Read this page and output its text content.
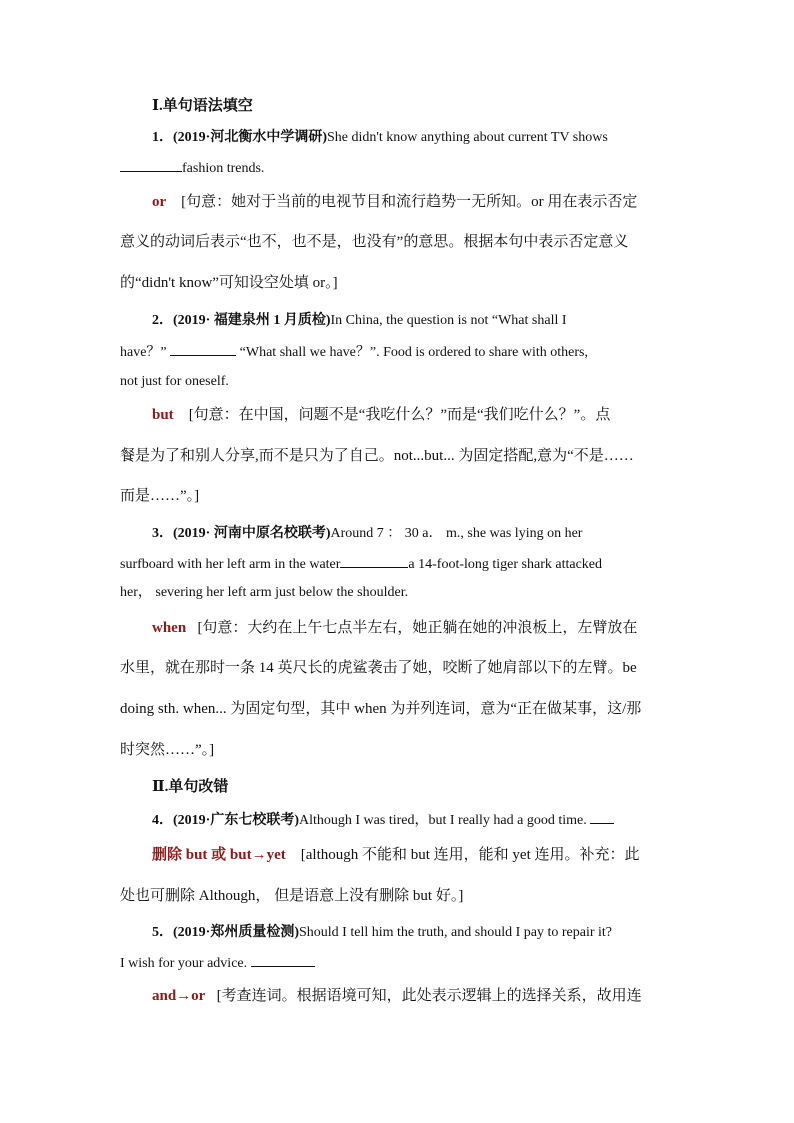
Ⅰ.单句语法填空
1．(2019·河北衡水中学调研)She didn't know anything about current TV shows
fashion trends.
or [句意：她对于当前的电视节目和流行趋势一无所知。or 用在表示否定
意义的动词后表示“也不，也不是，也没有”的意思。根据本句中表示否定意义
的“didn't know”可知设空处填 or。]
2．(2019· 福建泉州 1 月质检)In China, the question is not “What shall I
have？”	“What shall we have？”. Food is ordered to share with others,
not just for oneself.
but [句意：在中国，问题不是“我吃什么？”而是“我们吃什么？”。点
餐是为了和别人分享,而不是只为了自己。not...but... 为固定搭配,意为“不是……
而是……”。]
3．(2019· 河南中原名校联考)Around 7 ： 30 a． m., she was lying on her
surfboard with her left arm in the water	a 14-foot-long tiger shark attacked
her， severing her left arm just below the shoulder.
when [句意：大约在上午七点半左右，她正躺在她的冲浪板上，左臂放在
水里，就在那时一条 14 英尺长的虎鲨袭击了她，咬断了她肩部以下的左臂。be
doing sth. when... 为固定句型，其中 when 为并列连词，意为“正在做某事，这/那
时突然……”。]
Ⅱ.单句改错
4．(2019·广东七校联考)Although I was tired，but I really had a good time.
删除 but 或 but→yet [although 不能和 but 连用，能和 yet 连用。补充：此
处也可删除 Although， 但是语意上没有删除 but 好。]
5．(2019·郑州质量检测)Should I tell him the truth, and should I pay to repair it?
I wish for your advice.
and→or [考查连词。根据语境可知，此处表示逻辑上的选择关系，故用连
